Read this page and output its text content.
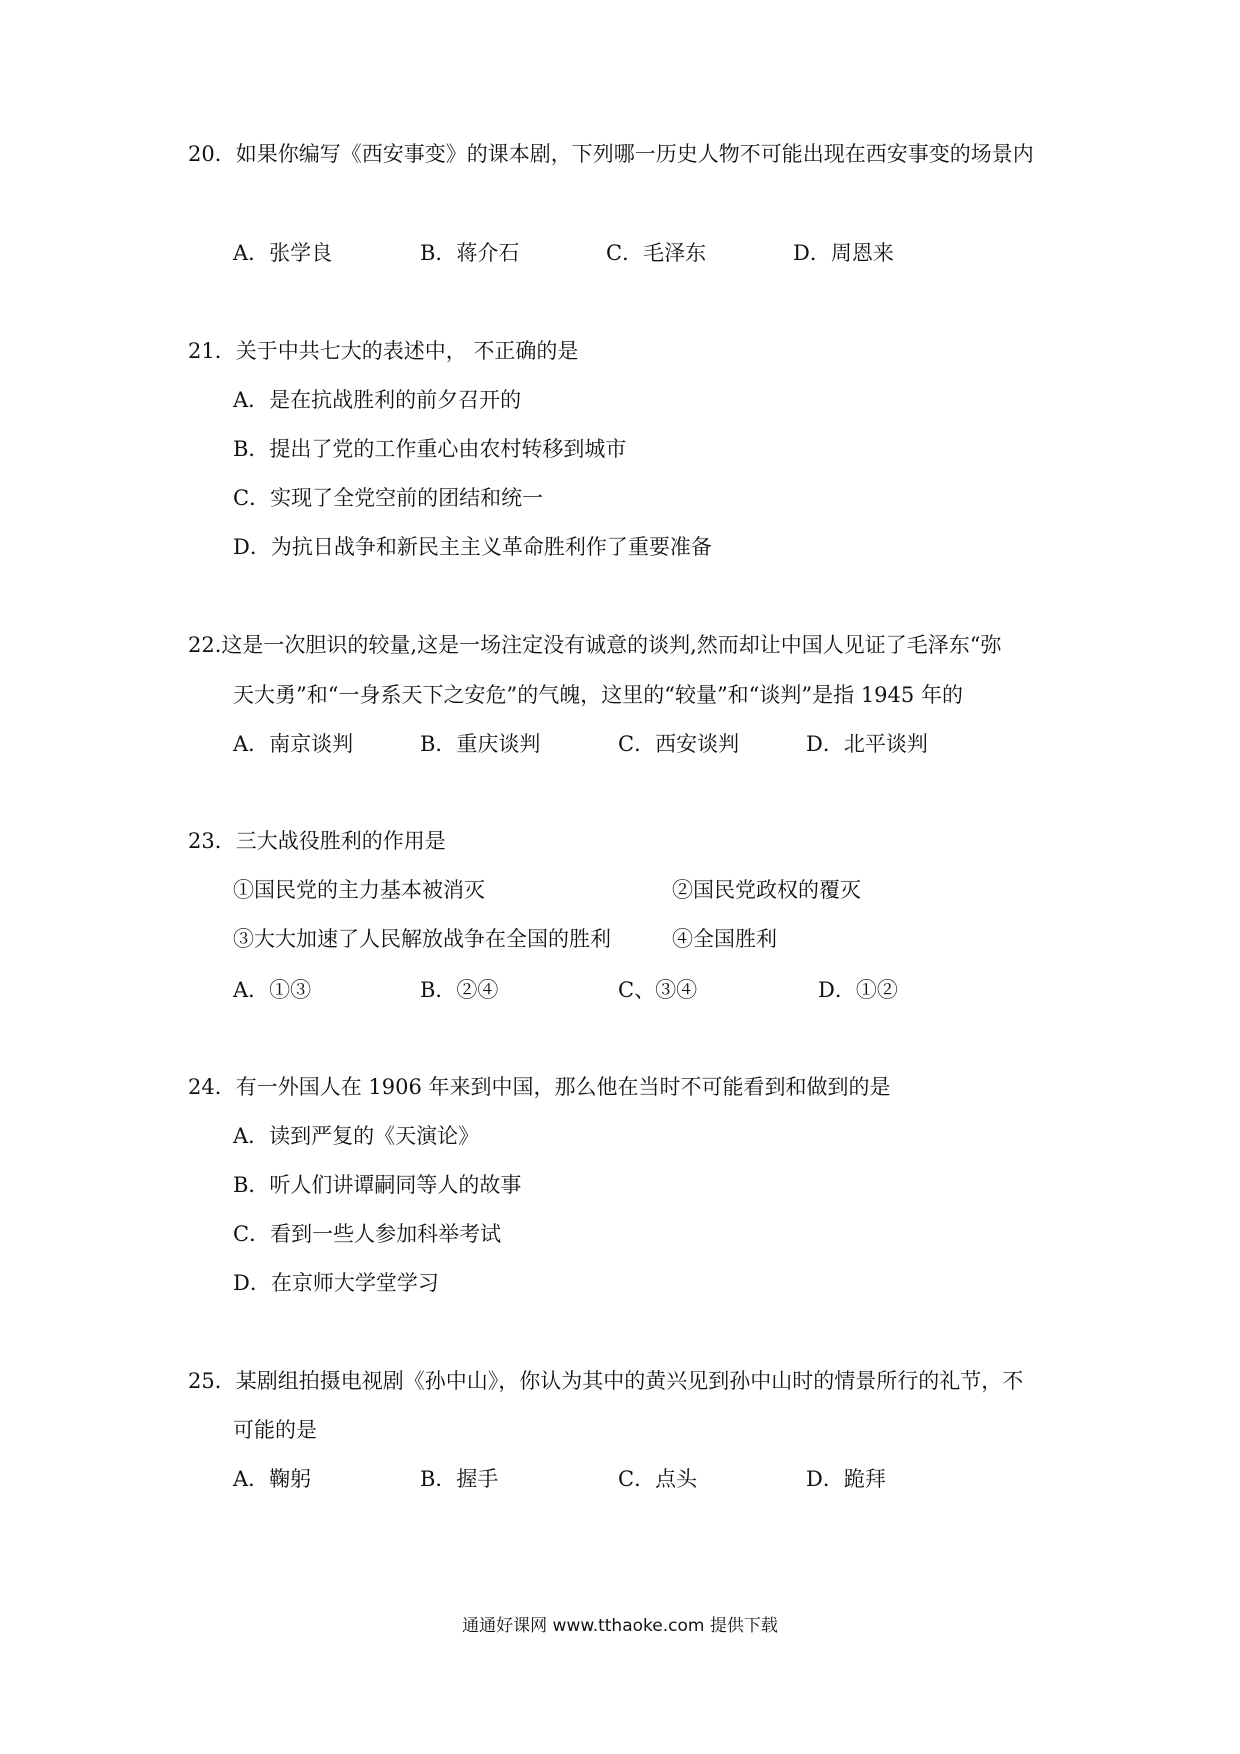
20．如果你编写《西安事变》的课本剧，下列哪一历史人物不可能出现在西安事变的场景内
A．张学良	B．蒋介石	C．毛泽东	D．周恩来
21．关于中共七大的表述中， 不正确的是
A．是在抗战胜利的前夕召开的
B．提出了党的工作重心由农村转移到城市
C．实现了全党空前的团结和统一
D．为抗日战争和新民主主义革命胜利作了重要准备
22.这是一次胆识的较量,这是一场注定没有诚意的谈判,然而却让中国人见证了毛泽东“弥
天大勇”和“一身系天下之安危”的气魄，这里的“较量”和“谈判”是指 1945 年的
A．南京谈判	B．重庆谈判	C．西安谈判	D．北平谈判
23．三大战役胜利的作用是
①国民党的主力基本被消灭	②国民党政权的覆灭
③大大加速了人民解放战争在全国的胜利	④全国胜利
A．①③	B．②④	C、③④	D．①②
24．有一外国人在 1906 年来到中国，那么他在当时不可能看到和做到的是
A．读到严复的《天演论》
B．听人们讲谭嗣同等人的故事
C．看到一些人参加科举考试
D．在京师大学堂学习
25．某剧组拍摄电视剧《孙中山》，你认为其中的黄兴见到孙中山时的情景所行的礼节，不
可能的是
A．鞠躬	B．握手	C．点头	D．跪拜
通通好课网 www.tthaoke.com 提供下载
